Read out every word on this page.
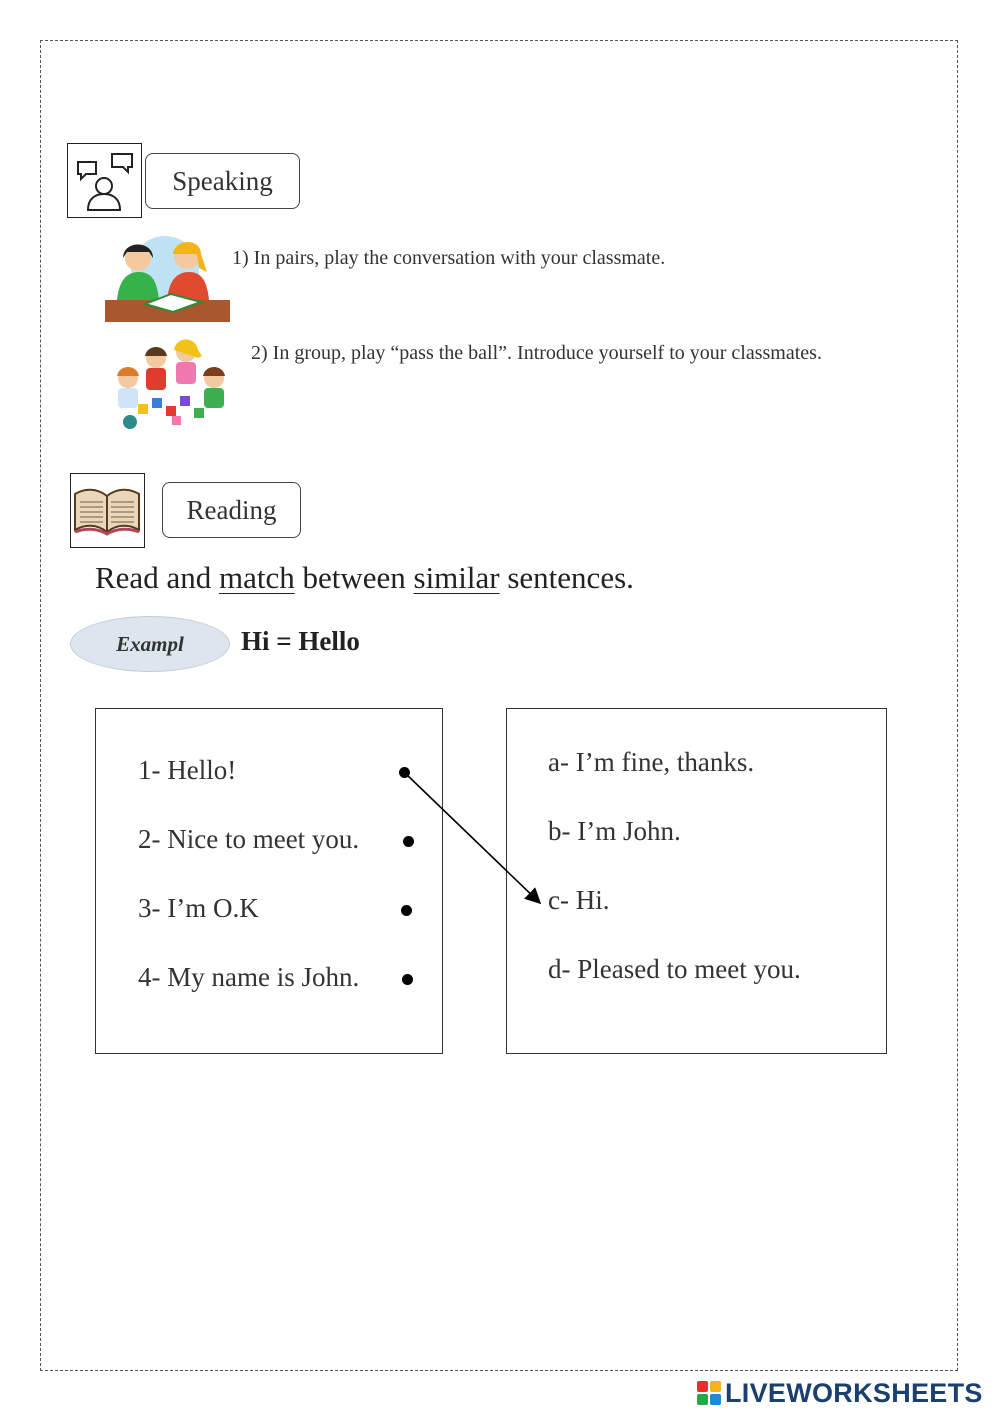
Speaking
1) In pairs, play the conversation with your classmate.
2) In group, play “pass the ball”. Introduce yourself to your classmates.
Reading
Read and match between similar sentences.
Exampl	Hi = Hello
1- Hello!
2- Nice to meet you.
3- I’m O.K
4- My name is John.
a- I’m fine, thanks.
b- I’m John.
c- Hi.
d- Pleased to meet you.
LIVEWORKSHEETS
